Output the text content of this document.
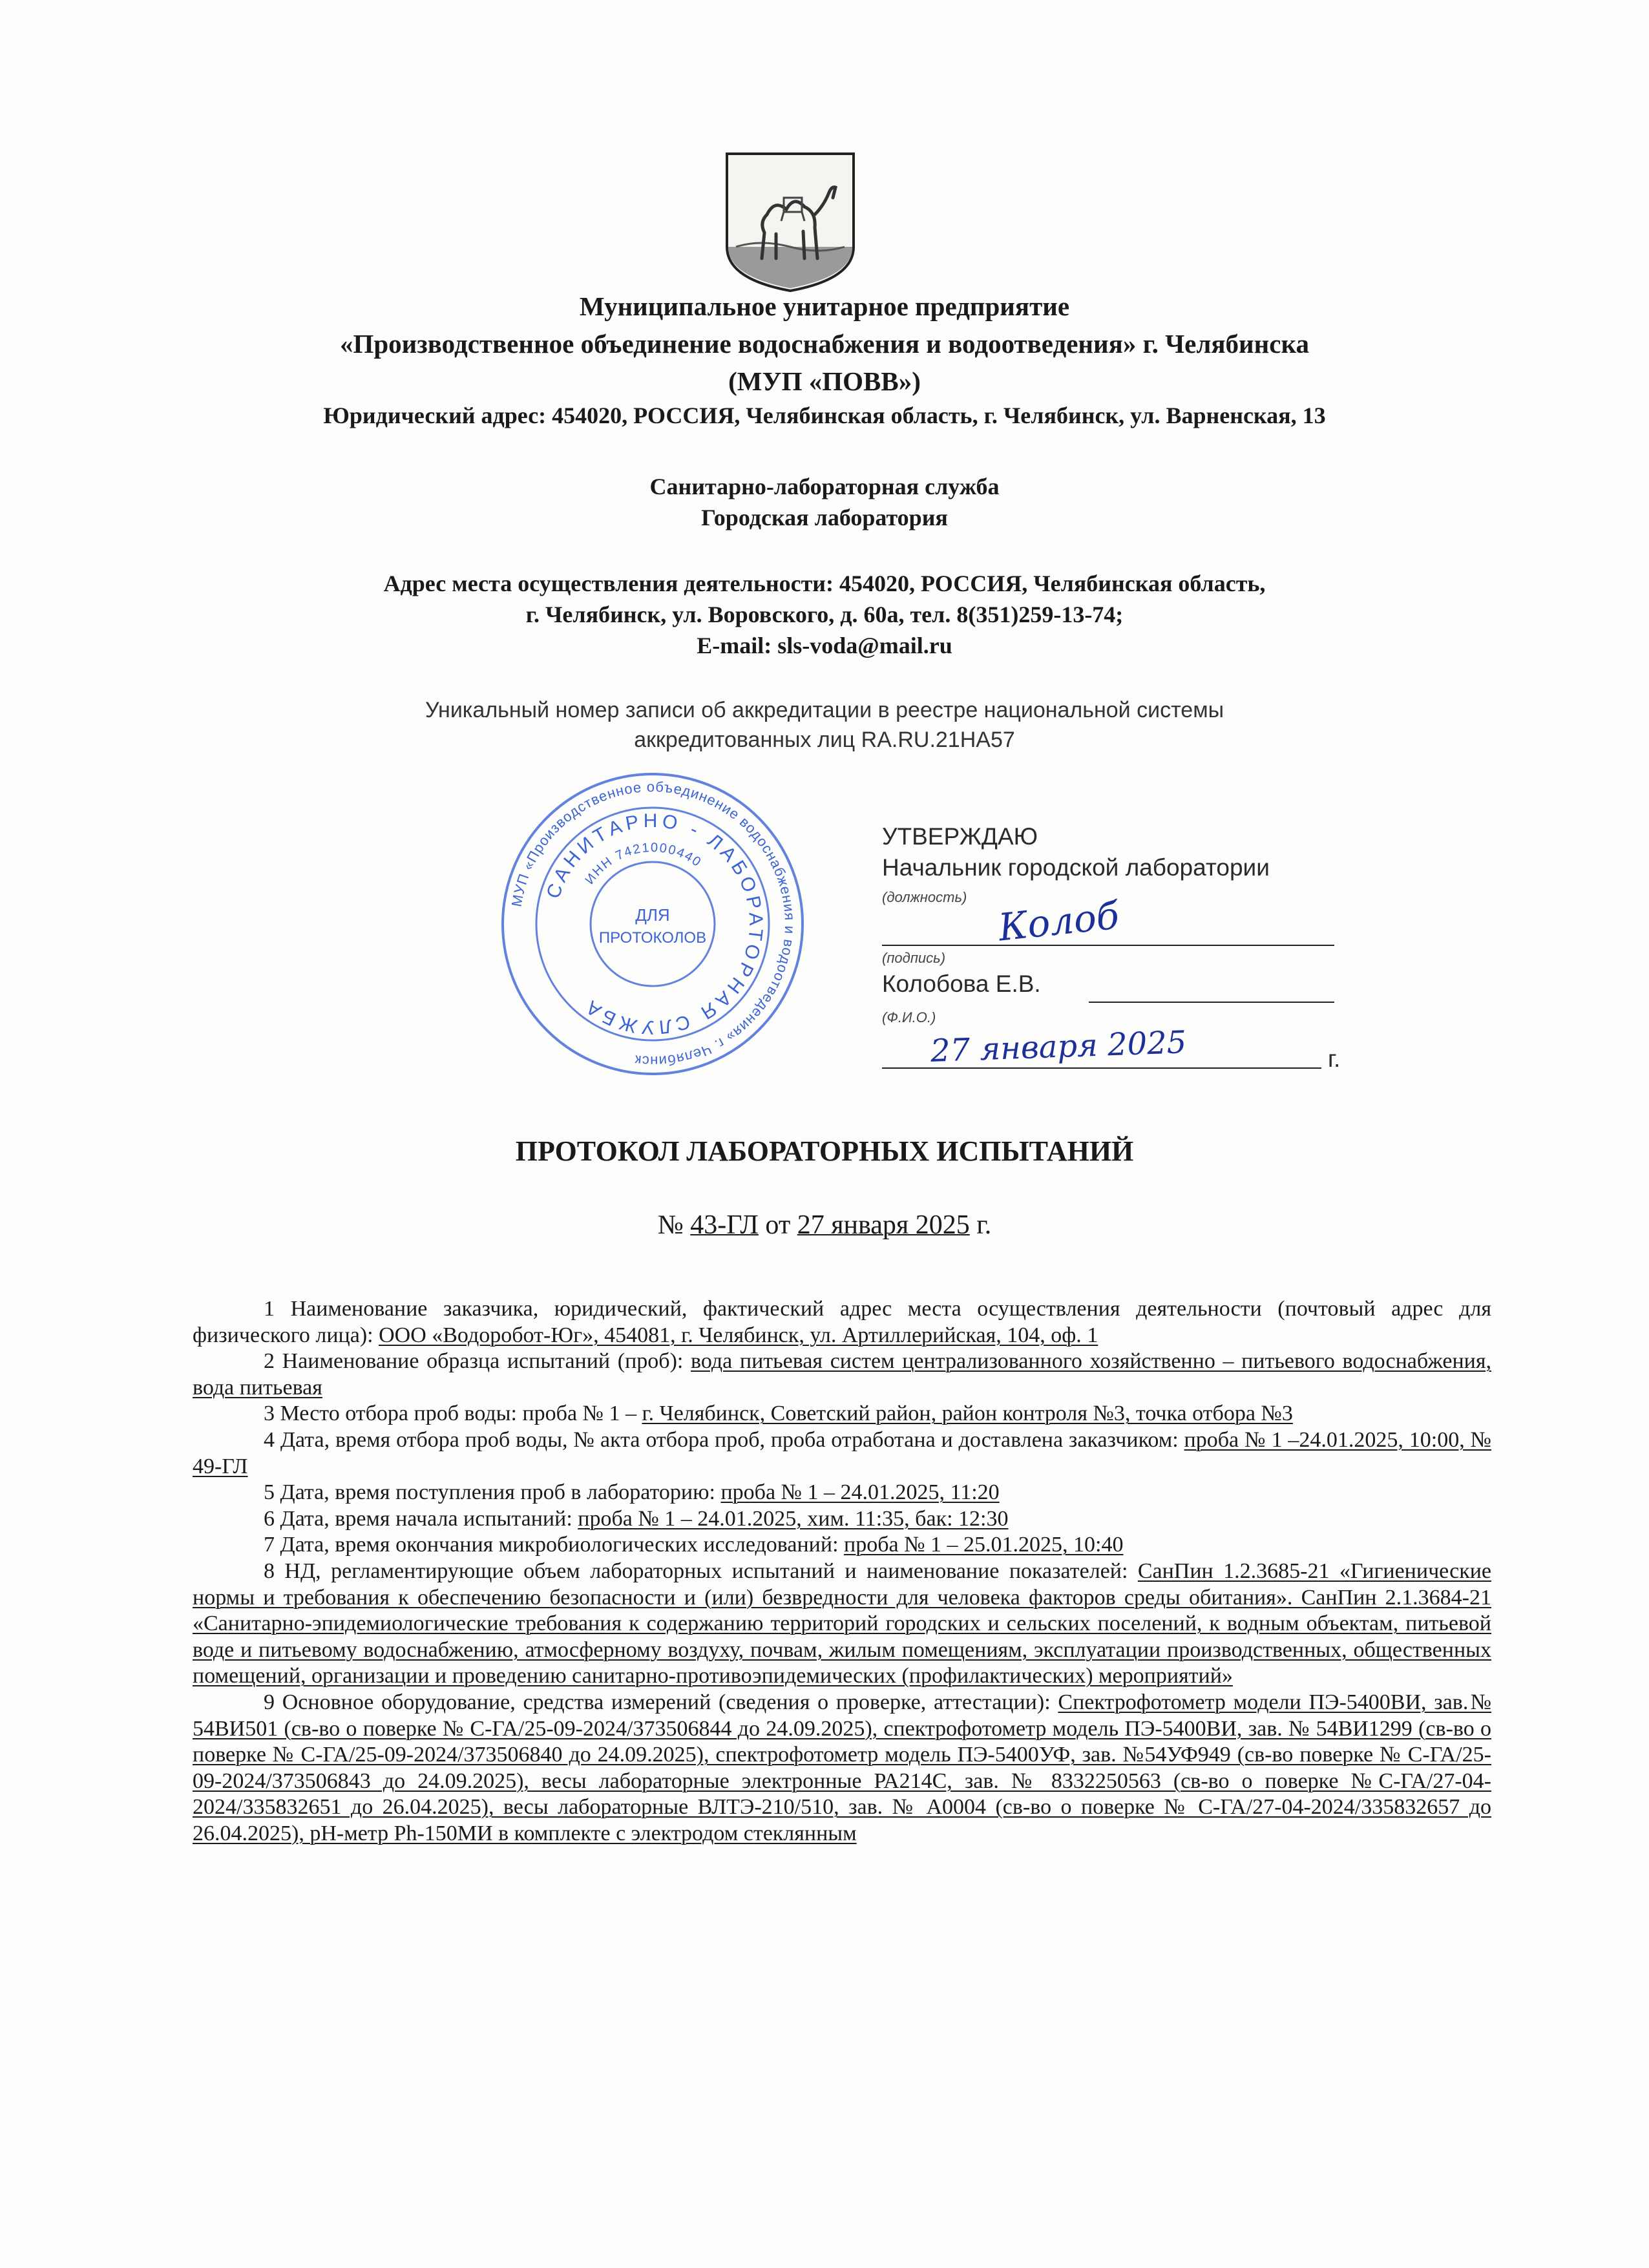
Муниципальное унитарное предприятие
«Производственное объединение водоснабжения и водоотведения» г. Челябинска
(МУП «ПОВВ»)
Юридический адрес: 454020, РОССИЯ, Челябинская область, г. Челябинск, ул. Варненская, 13
Санитарно-лабораторная служба
Городская лаборатория
Адрес места осуществления деятельности: 454020, РОССИЯ, Челябинская область,
г. Челябинск, ул. Воровского, д. 60а, тел. 8(351)259-13-74;
E-mail: sls-voda@mail.ru
Уникальный номер записи об аккредитации в реестре национальной системы
аккредитованных лиц RA.RU.21НА57
МУП «Производственное объединение водоснабжения и водоотведения» г. Челябинск
САНИТАРНО - ЛАБОРАТОРНАЯ СЛУЖБА
ИНН 7421000440
ДЛЯ
ПРОТОКОЛОВ
УТВЕРЖДАЮ
Начальник городской лаборатории
(должность) Колоб
(подпись)
Колобова Е.В.
(Ф.И.О.)
27 января 2025	г.
ПРОТОКОЛ ЛАБОРАТОРНЫХ ИСПЫТАНИЙ
№ 43-ГЛ от 27 января 2025 г.

1 Наименование заказчика, юридический, фактический адрес места осуществления деятельности (почтовый адрес для физического лица): ООО «Водоробот-Юг», 454081, г. Челябинск, ул. Артиллерийская, 104, оф. 1

2 Наименование образца испытаний (проб): вода питьевая систем централизованного хозяйственно – питьевого водоснабжения, вода питьевая

3 Место отбора проб воды: проба № 1 – г. Челябинск, Советский район, район контроля №3, точка отбора №3

4 Дата, время отбора проб воды, № акта отбора проб, проба отработана и доставлена заказчиком: проба № 1 –24.01.2025, 10:00, № 49-ГЛ

5 Дата, время поступления проб в лабораторию: проба № 1 – 24.01.2025, 11:20

6 Дата, время начала испытаний: проба № 1 – 24.01.2025, хим. 11:35, бак: 12:30

7 Дата, время окончания микробиологических исследований: проба № 1 – 25.01.2025, 10:40

8 НД, регламентирующие объем лабораторных испытаний и наименование показателей: СанПин 1.2.3685-21 «Гигиенические нормы и требования к обеспечению безопасности и (или) безвредности для человека факторов среды обитания». СанПин 2.1.3684-21 «Санитарно-эпидемиологические требования к содержанию территорий городских и сельских поселений, к водным объектам, питьевой воде и питьевому водоснабжению, атмосферному воздуху, почвам, жилым помещениям, эксплуатации производственных, общественных помещений, организации и проведению санитарно-противоэпидемических (профилактических) мероприятий»

9 Основное оборудование, средства измерений (сведения о проверке, аттестации): Спектрофотометр модели ПЭ-5400ВИ, зав.№ 54ВИ501 (св-во о поверке № С-ГА/25-09-2024/373506844 до 24.09.2025), спектрофотометр модель ПЭ-5400ВИ, зав. № 54ВИ1299 (св-во о поверке № С-ГА/25-09-2024/373506840 до 24.09.2025), спектрофотометр модель ПЭ-5400УФ, зав. №54УФ949 (св-во поверке № С-ГА/25-09-2024/373506843 до 24.09.2025), весы лабораторные электронные РА214С, зав. № 8332250563 (св-во о поверке №С-ГА/27-04-2024/335832651 до 26.04.2025), весы лабораторные ВЛТЭ-210/510, зав. № А0004 (св-во о поверке № С-ГА/27-04-2024/335832657 до 26.04.2025), рН-метр Ph-150МИ в комплекте с электродом стеклянным
